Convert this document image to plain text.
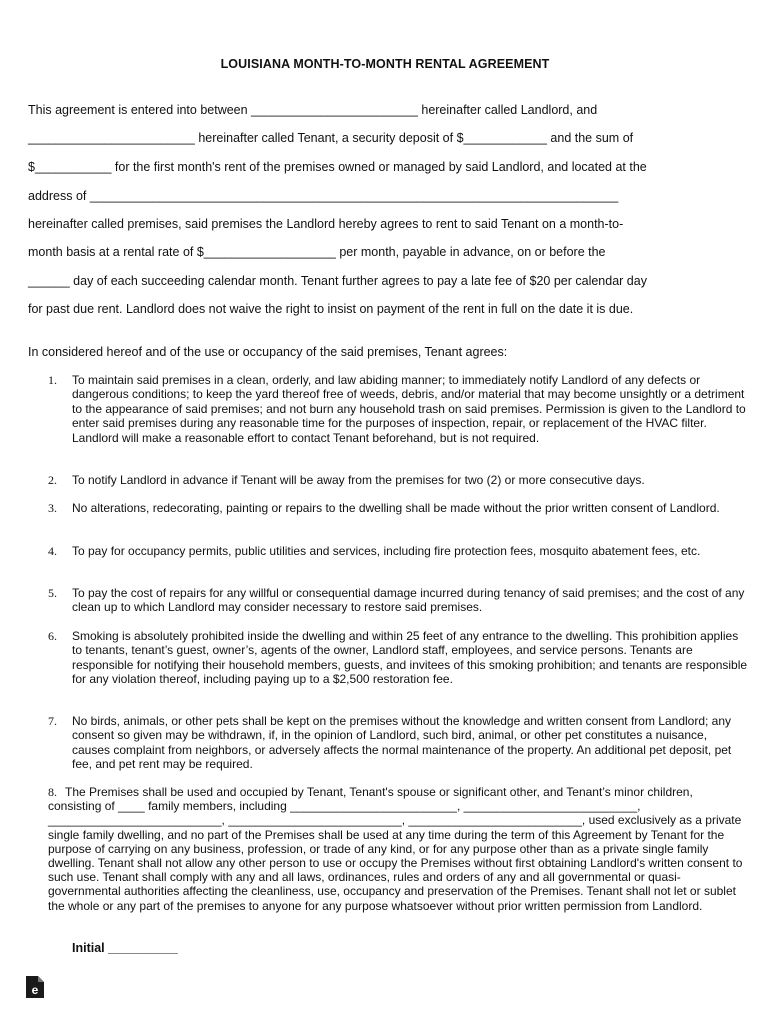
LOUISIANA MONTH-TO-MONTH RENTAL AGREEMENT
This agreement is entered into between ________________________ hereinafter called Landlord, and
________________________ hereinafter called Tenant, a security deposit of $____________ and the sum of
$___________ for the first month's rent of the premises owned or managed by said Landlord, and located at the
address of ____________________________________________________________________________
hereinafter called premises, said premises the Landlord hereby agrees to rent to said Tenant on a month-to-
month basis at a rental rate of $___________________ per month, payable in advance, on or before the
______ day of each succeeding calendar month. Tenant further agrees to pay a late fee of $20 per calendar day
for past due rent. Landlord does not waive the right to insist on payment of the rent in full on the date it is due.
In considered hereof and of the use or occupancy of the said premises, Tenant agrees:
1. To maintain said premises in a clean, orderly, and law abiding manner; to immediately notify Landlord of any defects or dangerous conditions; to keep the yard thereof free of weeds, debris, and/or material that may become unsightly or a detriment to the appearance of said premises; and not burn any household trash on said premises. Permission is given to the Landlord to enter said premises during any reasonable time for the purposes of inspection, repair, or replacement of the HVAC filter. Landlord will make a reasonable effort to contact Tenant beforehand, but is not required.
2. To notify Landlord in advance if Tenant will be away from the premises for two (2) or more consecutive days.
3. No alterations, redecorating, painting or repairs to the dwelling shall be made without the prior written consent of Landlord.
4. To pay for occupancy permits, public utilities and services, including fire protection fees, mosquito abatement fees, etc.
5. To pay the cost of repairs for any willful or consequential damage incurred during tenancy of said premises; and the cost of any clean up to which Landlord may consider necessary to restore said premises.
6. Smoking is absolutely prohibited inside the dwelling and within 25 feet of any entrance to the dwelling. This prohibition applies to tenants, tenant’s guest, owner’s, agents of the owner, Landlord staff, employees, and service persons. Tenants are responsible for notifying their household members, guests, and invitees of this smoking prohibition; and tenants are responsible for any violation thereof, including paying up to a $2,500 restoration fee.
7. No birds, animals, or other pets shall be kept on the premises without the knowledge and written consent from Landlord; any consent so given may be withdrawn, if, in the opinion of Landlord, such bird, animal, or other pet constitutes a nuisance, causes complaint from neighbors, or adversely affects the normal maintenance of the property. An additional pet deposit, pet fee, and pet rent may be required.
8. The Premises shall be used and occupied by Tenant, Tenant's spouse or significant other, and Tenant’s minor children, consisting of ____ family members, including _________________________, __________________________, __________________________, __________________________, __________________________, used exclusively as a private single family dwelling, and no part of the Premises shall be used at any time during the term of this Agreement by Tenant for the purpose of carrying on any business, profession, or trade of any kind, or for any purpose other than as a private single family dwelling. Tenant shall not allow any other person to use or occupy the Premises without first obtaining Landlord's written consent to such use. Tenant shall comply with any and all laws, ordinances, rules and orders of any and all governmental or quasi-governmental authorities affecting the cleanliness, use, occupancy and preservation of the Premises. Tenant shall not let or sublet the whole or any part of the premises to anyone for any purpose whatsoever without prior written permission from Landlord.
Initial __________
e
